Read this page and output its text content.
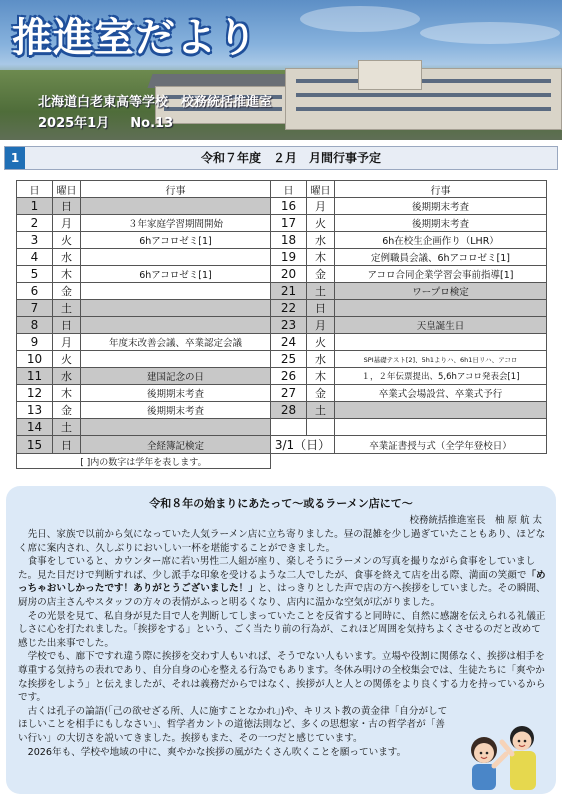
推進室だより
北海道白老東高等学校　校務統括推進室
2025年1月 No.13
1	令和７年度　２月　月間行事予定
日	曜日	行事	日	曜日	行事
1	日		16	月	後期期末考査
2	月	３年家庭学習期間開始	17	火	後期期末考査
3	火	6hアコロゼミ[1]	18	水	6h在校生企画作り（LHR）
4	水		19	木	定例職員会議、6hアコロゼミ[1]
5	木	6hアコロゼミ[1]	20	金	アコロ合同企業学習会事前指導[1]
6	金		21	土	ワープロ検定
7	土		22	日	
8	日		23	月	天皇誕生日
9	月	年度末改善会議、卒業認定会議	24	火	
10	火		25	水	SPI基礎テスト[2]、5h1よりハ、6h1日リハ、アコロ
11	水	建国記念の日	26	木	１，２年伝票提出、5,6hアコロ発表会[1]
12	木	後期期末考査	27	金	卒業式会場設営、卒業式予行
13	金	後期期末考査	28	土	
14	土				
15	日	全経簿記検定	3/1（日）		卒業証書授与式（全学年登校日）
[ ]内の数字は学年を表します。					
令和８年の始まりにあたって～或るラーメン店にて～
校務統括推進室長　柚 原 航 太

先日、家族で以前から気になっていた人気ラーメン店に立ち寄りました。昼の混雑を少し過ぎていたこともあり、ほどなく席に案内され、久しぶりにおいしい一杯を堪能することができました。

食事をしていると、カウンター席に若い男性二人組が座り、楽しそうにラーメンの写真を撮りながら食事をしていました。見た目だけで判断すれば、少し派手な印象を受けるような二人でしたが、食事を終えて店を出る際、満面の笑顔で「めっちゃおいしかったです！ありがとうございました！」と、はっきりとした声で店の方へ挨拶をしていました。その瞬間、厨房の店主さんやスタッフの方々の表情がふっと明るくなり、店内に温かな空気が広がりました。

その光景を見て、私自身が見た目で人を判断してしまっていたことを反省すると同時に、自然に感謝を伝えられる礼儀正しさに心を打たれました。「挨拶をする」という、ごく当たり前の行為が、これほど周囲を気持ちよくさせるのだと改めて感じた出来事でした。

学校でも、廊下ですれ違う際に挨拶を交わす人もいれば、そうでない人もいます。立場や役割に関係なく、挨拶は相手を尊重する気持ちの表れであり、自分自身の心を整える行為でもあります。冬休み明けの全校集会では、生徒たちに「爽やかな挨拶をしよう」と伝えましたが、それは義務だからではなく、挨拶が人と人との関係をより良くする力を持っているからです。

古くは孔子の論語(「己の欲せざる所、人に施すことなかれ」)や、キリスト教の黄金律「自分がしてほしいことを相手にもしなさい」、哲学者カントの道徳法則など、多くの思想家・古の哲学者が「善い行い」の大切さを説いてきました。挨拶もまた、その一つだと感じています。

2026年も、学校や地域の中に、爽やかな挨拶の風がたくさん吹くことを願っています。
